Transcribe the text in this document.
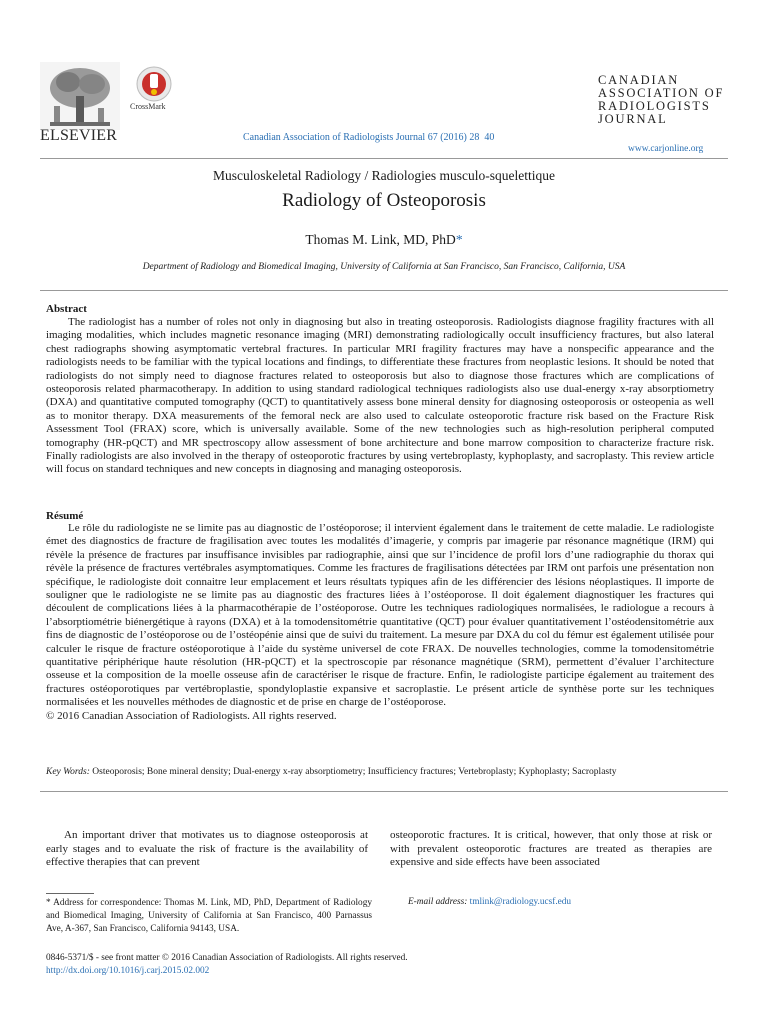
ELSEVIER
CrossMark
Canadian Association of Radiologists Journal 67 (2016) 28  40
CANADIAN
ASSOCIATION OF
RADIOLOGISTS
JOURNAL
www.carjonline.org
Musculoskeletal Radiology / Radiologies musculo-squelettique
Radiology of Osteoporosis
Thomas M. Link, MD, PhD*
Department of Radiology and Biomedical Imaging, University of California at San Francisco, San Francisco, California, USA
Abstract
The radiologist has a number of roles not only in diagnosing but also in treating osteoporosis. Radiologists diagnose fragility fractures with all imaging modalities, which includes magnetic resonance imaging (MRI) demonstrating radiologically occult insufficiency fractures, but also lateral chest radiographs showing asymptomatic vertebral fractures. In particular MRI fragility fractures may have a nonspecific appearance and the radiologists needs to be familiar with the typical locations and findings, to differentiate these fractures from neoplastic lesions. It should be noted that radiologists do not simply need to diagnose fractures related to osteoporosis but also to diagnose those fractures which are complications of osteoporosis related pharmacotherapy. In addition to using standard radiological techniques radiologists also use dual-energy x-ray absorptiometry (DXA) and quantitative computed tomography (QCT) to quantitatively assess bone mineral density for diagnosing osteoporosis or osteopenia as well as to monitor therapy. DXA measurements of the femoral neck are also used to calculate osteoporotic fracture risk based on the Fracture Risk Assessment Tool (FRAX) score, which is universally available. Some of the new technologies such as high-resolution peripheral computed tomography (HR-pQCT) and MR spectroscopy allow assessment of bone architecture and bone marrow composition to characterize fracture risk. Finally radiologists are also involved in the therapy of osteoporotic fractures by using vertebroplasty, kyphoplasty, and sacroplasty. This review article will focus on standard techniques and new concepts in diagnosing and managing osteoporosis.
Résumé
Le rôle du radiologiste ne se limite pas au diagnostic de l’ostéoporose; il intervient également dans le traitement de cette maladie. Le radiologiste émet des diagnostics de fracture de fragilisation avec toutes les modalités d’imagerie, y compris par imagerie par résonance magnétique (IRM) qui révèle la présence de fractures par insuffisance invisibles par radiographie, ainsi que sur l’incidence de profil lors d’une radiographie du thorax qui révèle la présence de fractures vertébrales asymptomatiques. Comme les fractures de fragilisations détectées par IRM ont parfois une présentation non spécifique, le radiologiste doit connaitre leur emplacement et leurs résultats typiques afin de les différencier des lésions néoplastiques. Il importe de souligner que le radiologiste ne se limite pas au diagnostic des fractures liées à l’ostéoporose. Il doit également diagnostiquer les fractures qui découlent de complications liées à la pharmacothérapie de l’ostéoporose. Outre les techniques radiologiques normalisées, le radiologue a recours à l’absorptiométrie biénergétique à rayons (DXA) et à la tomodensitométrie quantitative (QCT) pour évaluer quantitativement l’ostéodensitométrie aux fins de diagnostic de l’ostéoporose ou de l’ostéopénie ainsi que de suivi du traitement. La mesure par DXA du col du fémur est également utilisée pour calculer le risque de fracture ostéoporotique à l’aide du système universel de cote FRAX. De nouvelles technologies, comme la tomodensitométrie quantitative périphérique haute résolution (HR-pQCT) et la spectroscopie par résonance magnétique (SRM), permettent d’évaluer l’architecture osseuse et la composition de la moelle osseuse afin de caractériser le risque de fracture. Enfin, le radiologiste participe également au traitement des fractures ostéoporotiques par vertébroplastie, spondyloplastie expansive et sacroplastie. Le présent article de synthèse porte sur les techniques normalisées et les nouvelles méthodes de diagnostic et de prise en charge de l’ostéoporose.
© 2016 Canadian Association of Radiologists. All rights reserved.
Key Words: Osteoporosis; Bone mineral density; Dual-energy x-ray absorptiometry; Insufficiency fractures; Vertebroplasty; Kyphoplasty; Sacroplasty
An important driver that motivates us to diagnose osteoporosis at early stages and to evaluate the risk of fracture is the availability of effective therapies that can prevent
osteoporotic fractures. It is critical, however, that only those at risk or with prevalent osteoporotic fractures are treated as therapies are expensive and side effects have been associated
* Address for correspondence: Thomas M. Link, MD, PhD, Department of Radiology and Biomedical Imaging, University of California at San Francisco, 400 Parnassus Ave, A-367, San Francisco, California 94143, USA.
E-mail address: tmlink@radiology.ucsf.edu
0846-5371/$ - see front matter © 2016 Canadian Association of Radiologists. All rights reserved.
http://dx.doi.org/10.1016/j.carj.2015.02.002
